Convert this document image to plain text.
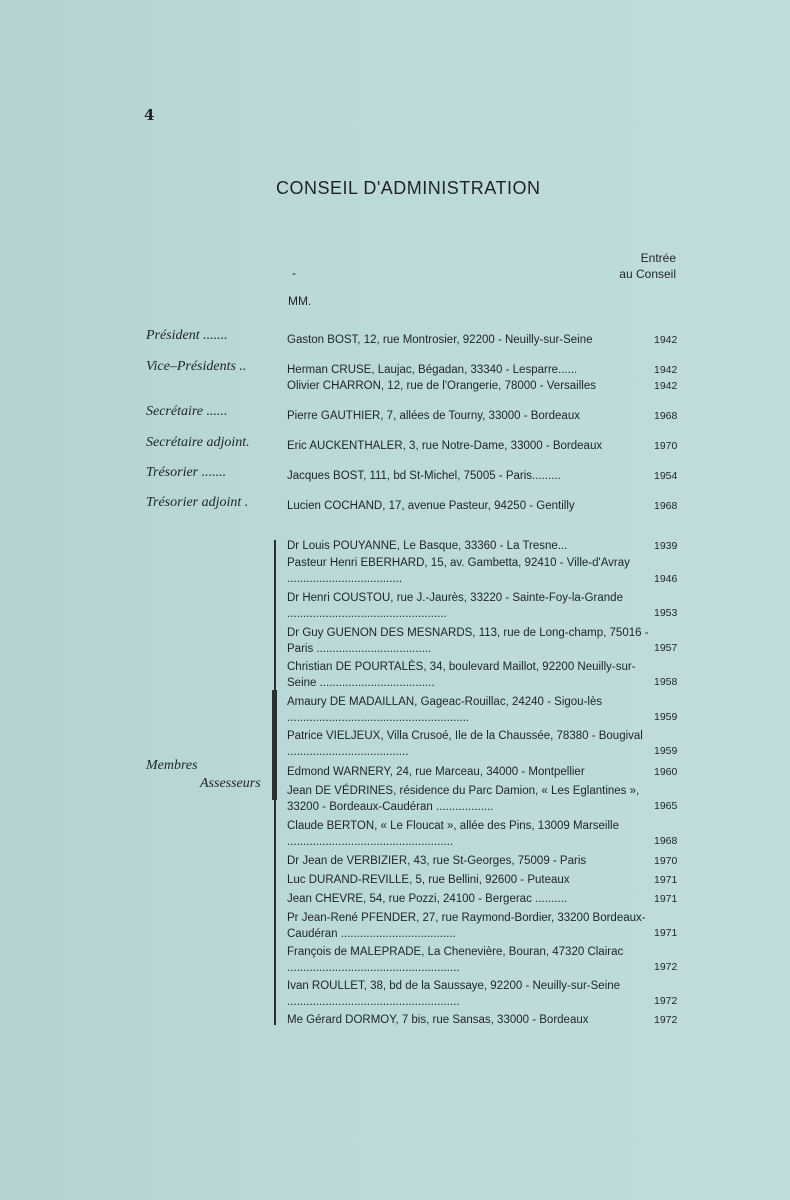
4
CONSEIL D'ADMINISTRATION
Entrée
au Conseil
-
MM.
Président .......	Gaston BOST, 12, rue Montrosier, 92200 - Neuilly-sur-Seine	1942
Vice–Présidents ..	Herman CRUSE, Laujac, Bégadan, 33340 - Lesparre......	1942
Olivier CHARRON, 12, rue de l'Orangerie, 78000 - Versailles	1942
Secrétaire ......	Pierre GAUTHIER, 7, allées de Tourny, 33000 - Bordeaux	1968
Secrétaire adjoint.	Eric AUCKENTHALER, 3, rue Notre-Dame, 33000 - Bordeaux	1970
Trésorier .......	Jacques BOST, 111, bd St-Michel, 75005 - Paris.........	1954
Trésorier adjoint .	Lucien COCHAND, 17, avenue Pasteur, 94250 - Gentilly	1968
Membres
Assesseurs
Dr Louis POUYANNE, Le Basque, 33360 - La Tresne...	1939
Pasteur Henri EBERHARD, 15, av. Gambetta, 92410 - Ville-d'Avray ....................................	1946
Dr Henri COUSTOU, rue J.-Jaurès, 33220 - Sainte-Foy-la-Grande ..................................................	1953
Dr Guy GUENON DES MESNARDS, 113, rue de Long-champ, 75016 - Paris ....................................	1957
Christian DE POURTALÈS, 34, boulevard Maillot, 92200 Neuilly-sur-Seine ....................................	1958
Amaury DE MADAILLAN, Gageac-Rouillac, 24240 - Sigou-lès .........................................................	1959
Patrice VIELJEUX, Villa Crusoé, Ile de la Chaussée, 78380 - Bougival ......................................	1959
Edmond WARNERY, 24, rue Marceau, 34000 - Montpellier	1960
Jean DE VÉDRINES, résidence du Parc Damion, « Les Eglantines », 33200 - Bordeaux-Caudéran ..................	1965
Claude BERTON, « Le Floucat », allée des Pins, 13009 Marseille ....................................................	1968
Dr Jean de VERBIZIER, 43, rue St-Georges, 75009 - Paris	1970
Luc DURAND-REVILLE, 5, rue Bellini, 92600 - Puteaux	1971
Jean CHEVRE, 54, rue Pozzi, 24100 - Bergerac ..........	1971
Pr Jean-René PFENDER, 27, rue Raymond-Bordier, 33200 Bordeaux-Caudéran ....................................	1971
François de MALEPRADE, La Chenevière, Bouran, 47320 Clairac ......................................................	1972
Ivan ROULLET, 38, bd de la Saussaye, 92200 - Neuilly-sur-Seine ......................................................	1972
Me Gérard DORMOY, 7 bis, rue Sansas, 33000 - Bordeaux	1972
